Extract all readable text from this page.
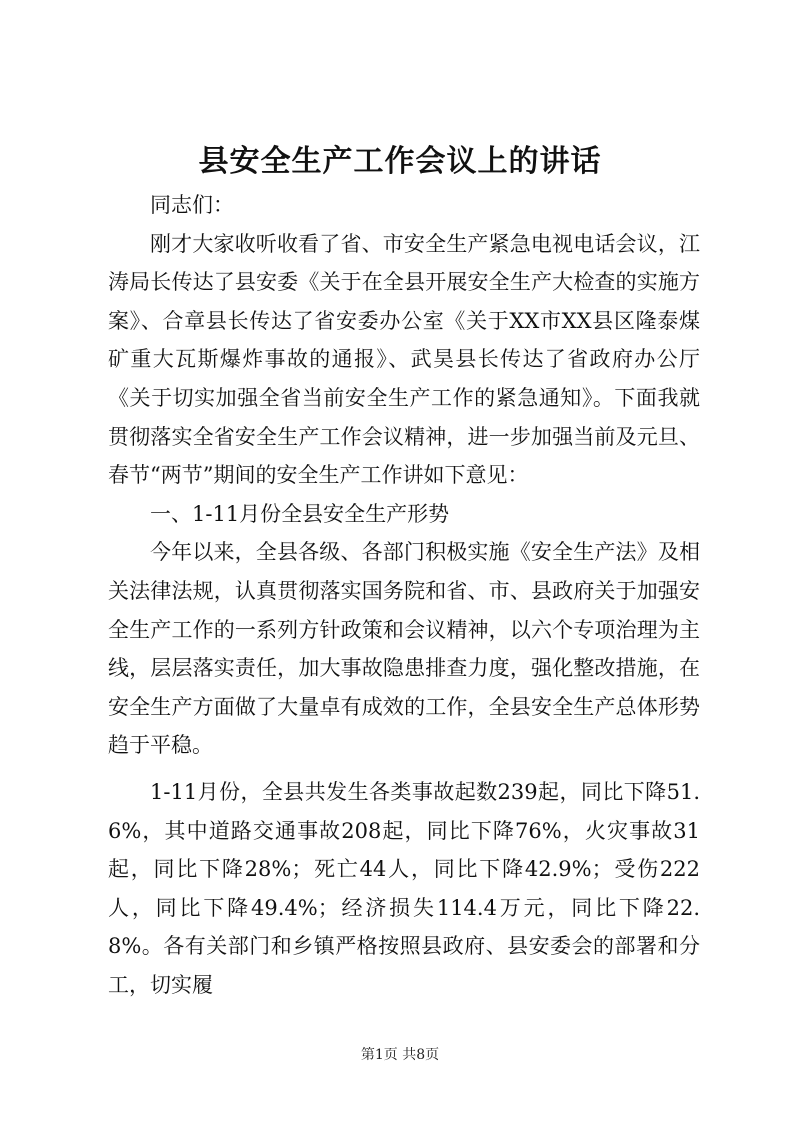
县安全生产工作会议上的讲话

同志们：

刚才大家收听收看了省、市安全生产紧急电视电话会议，江涛局长传达了县安委《关于在全县开展安全生产大检查的实施方案》、合章县长传达了省安委办公室《关于XX市XX县区隆泰煤矿重大瓦斯爆炸事故的通报》、武昊县长传达了省政府办公厅《关于切实加强全省当前安全生产工作的紧急通知》。下面我就贯彻落实全省安全生产工作会议精神，进一步加强当前及元旦、春节“两节”期间的安全生产工作讲如下意见：

一、1-11月份全县安全生产形势

今年以来，全县各级、各部门积极实施《安全生产法》及相关法律法规，认真贯彻落实国务院和省、市、县政府关于加强安全生产工作的一系列方针政策和会议精神，以六个专项治理为主线，层层落实责任，加大事故隐患排查力度，强化整改措施，在安全生产方面做了大量卓有成效的工作，全县安全生产总体形势趋于平稳。

1-11月份，全县共发生各类事故起数239起，同比下降51.6%，其中道路交通事故208起，同比下降76%，火灾事故31起，同比下降28%；死亡44人，同比下降42.9%；受伤222人，同比下降49.4%；经济损失114.4万元，同比下降22.8%。各有关部门和乡镇严格按照县政府、县安委会的部署和分工，切实履

第1页 共8页
